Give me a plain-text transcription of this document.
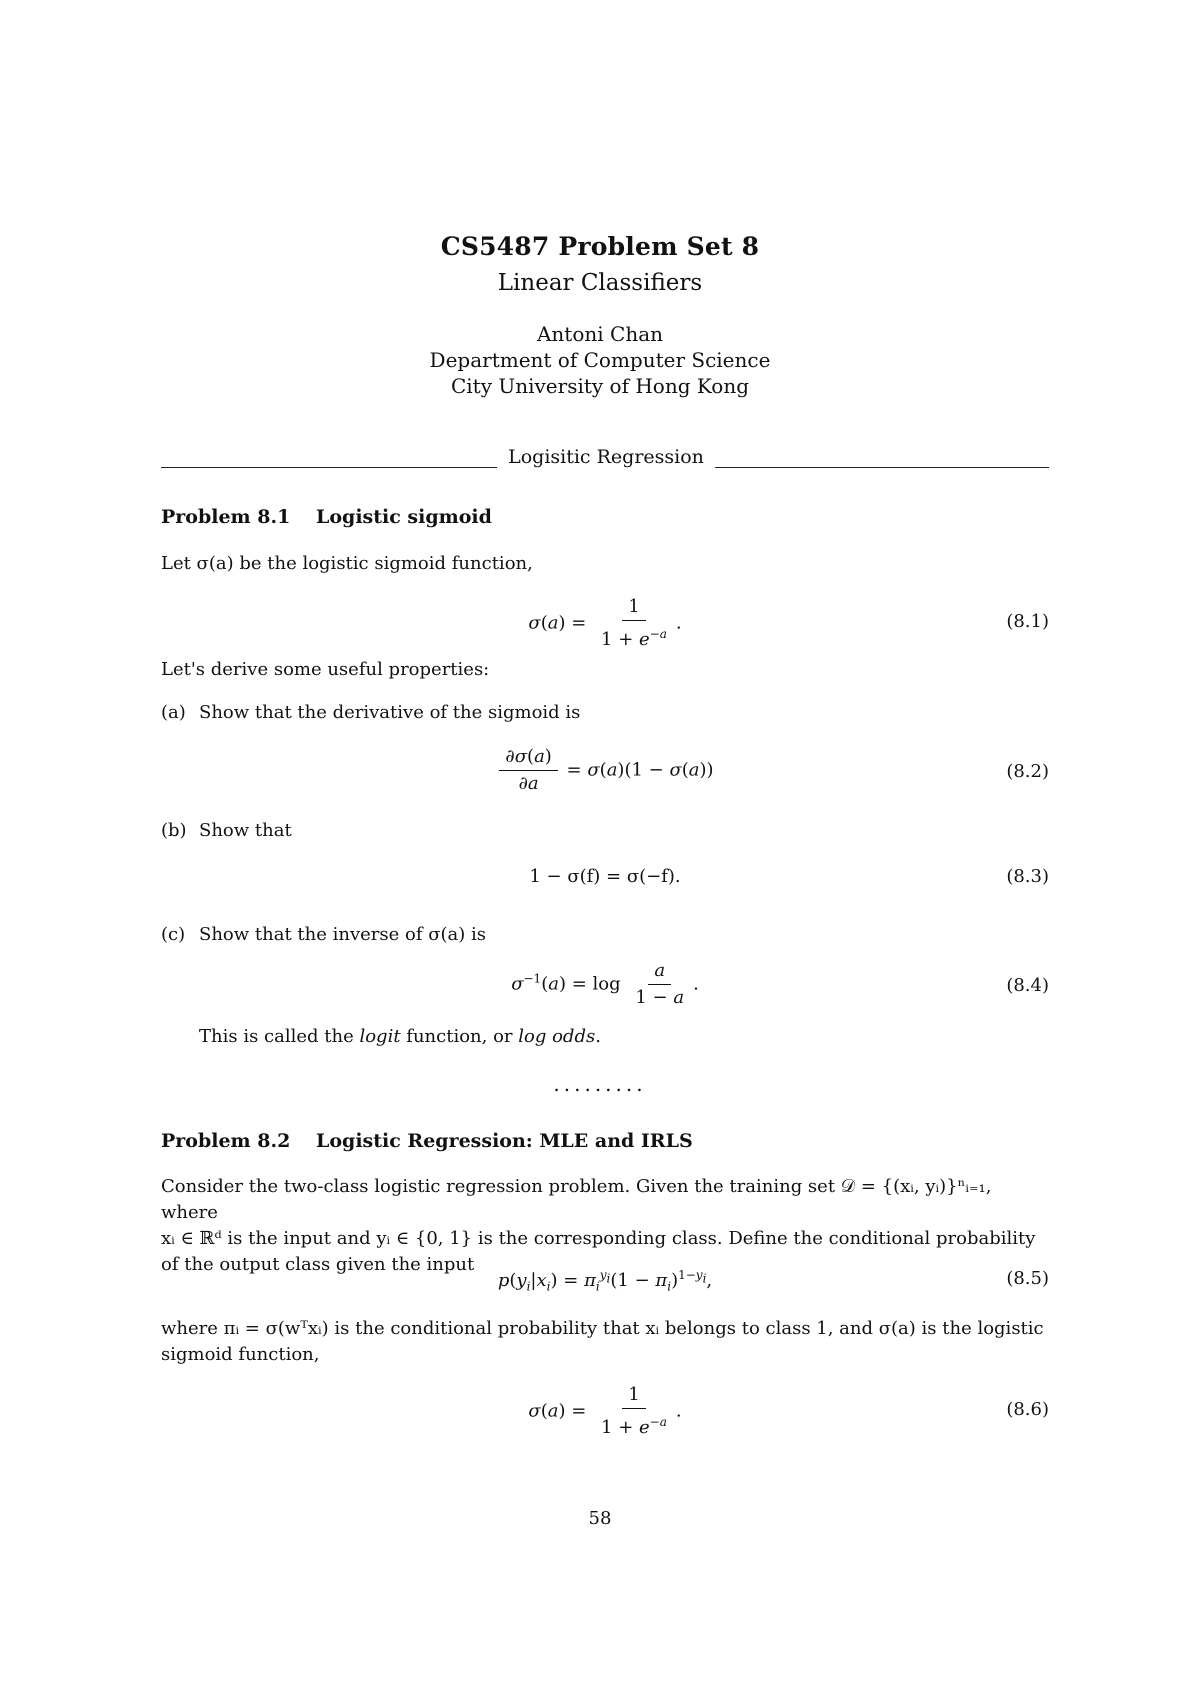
CS5487 Problem Set 8
Linear Classifiers
Antoni Chan
Department of Computer Science
City University of Hong Kong
Logisitic Regression
Problem 8.1 Logistic sigmoid
Let σ(a) be the logistic sigmoid function,
$\sigma(a) = \frac{1}{1 + e^{-a}}$ .	(8.1)
Let's derive some useful properties:
(a) Show that the derivative of the sigmoid is
$\frac{\partial\sigma(a)}{\partial a} = \sigma(a)(1 - \sigma(a))$	(8.2)
(b) Show that
1 − σ(f) = σ(−f).	(8.3)
(c) Show that the inverse of σ(a) is
$\sigma^{-1}(a) = \log \frac{a}{1 - a}$ .	(8.4)
This is called the logit function, or log odds.
.........
Problem 8.2 Logistic Regression: MLE and IRLS
Consider the two-class logistic regression problem. Given the training set 𝒟 = {(xᵢ, yᵢ)}ⁿᵢ₌₁, where
xᵢ ∈ ℝᵈ is the input and yᵢ ∈ {0, 1} is the corresponding class. Define the conditional probability
of the output class given the input
$p(y_i|x_i) = \pi_i^{y_i}(1 - \pi_i)^{1-y_i}$,	(8.5)
where πᵢ = σ(wᵀxᵢ) is the conditional probability that xᵢ belongs to class 1, and σ(a) is the logistic
sigmoid function,
$\sigma(a) = \frac{1}{1 + e^{-a}}$ .	(8.6)
58
